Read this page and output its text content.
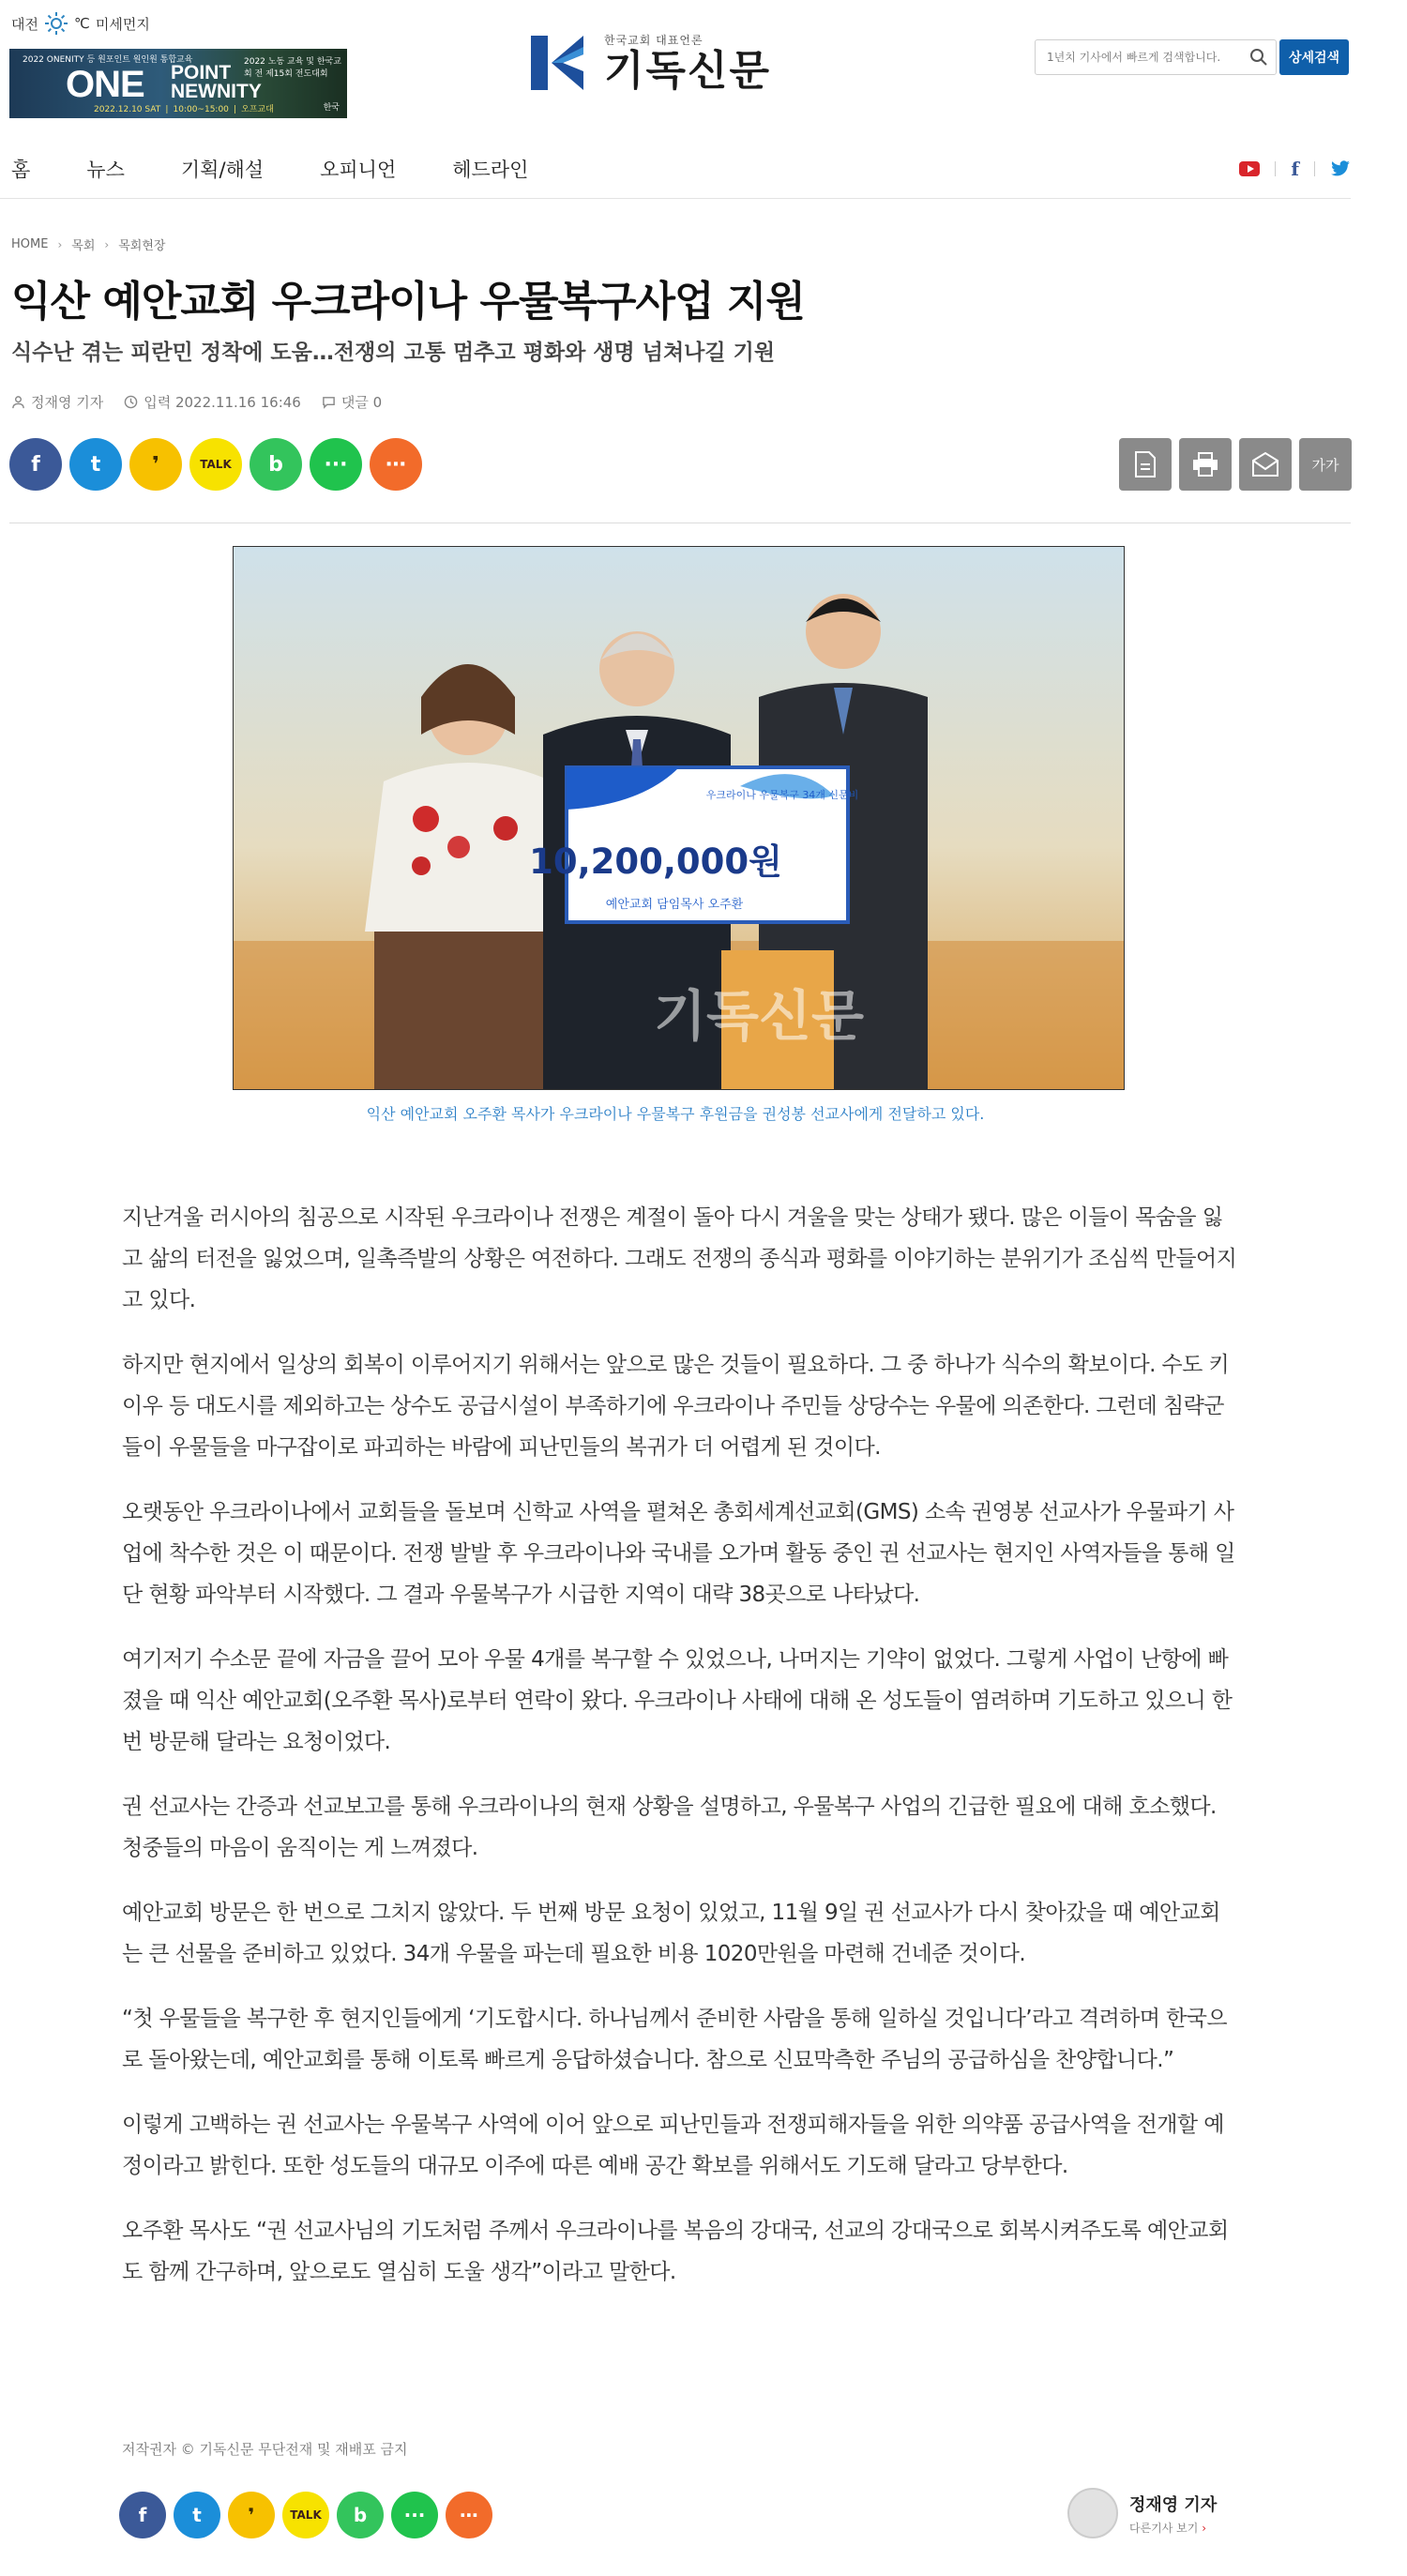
대전	℃ 미세먼지
2022 ONENITY 등 원포인트 원인원 통합교육
ONE POINT
NEWNITY
2022 노동 교육 및 한국교회 전 제15회 전도대회
2022.12.10 SAT ❘ 10:00~15:00 ❘ 오프교대	한국
한국교회 대표언론
기독신문
1년치 기사에서 빠르게 검색합니다.	상세검색
홈	뉴스	기획/해설	오피니언	헤드라인	f
HOME › 목회 › 목회현장
익산 예안교회 우크라이나 우물복구사업 지원
식수난 겪는 피란민 정착에 도움…전쟁의 고통 멈추고 평화와 생명 넘쳐나길 기원
정재영 기자	입력 2022.11.16 16:46	댓글 0
f	t	❜	TALK	b	···	⋯	가가
우크라이나 우물복구 34개 신문비
10,200,000원
예안교회 담임목사 오주환
기독신문
익산 예안교회 오주환 목사가 우크라이나 우물복구 후원금을 권성봉 선교사에게 전달하고 있다.

지난겨울 러시아의 침공으로 시작된 우크라이나 전쟁은 계절이 돌아 다시 겨울을 맞는 상태가 됐다. 많은 이들이 목숨을 잃고 삶의 터전을 잃었으며, 일촉즉발의 상황은 여전하다. 그래도 전쟁의 종식과 평화를 이야기하는 분위기가 조심씩 만들어지고 있다.

하지만 현지에서 일상의 회복이 이루어지기 위해서는 앞으로 많은 것들이 필요하다. 그 중 하나가 식수의 확보이다. 수도 키이우 등 대도시를 제외하고는 상수도 공급시설이 부족하기에 우크라이나 주민들 상당수는 우물에 의존한다. 그런데 침략군들이 우물들을 마구잡이로 파괴하는 바람에 피난민들의 복귀가 더 어렵게 된 것이다.

오랫동안 우크라이나에서 교회들을 돌보며 신학교 사역을 펼쳐온 총회세계선교회(GMS) 소속 권영봉 선교사가 우물파기 사업에 착수한 것은 이 때문이다. 전쟁 발발 후 우크라이나와 국내를 오가며 활동 중인 권 선교사는 현지인 사역자들을 통해 일단 현황 파악부터 시작했다. 그 결과 우물복구가 시급한 지역이 대략 38곳으로 나타났다.

여기저기 수소문 끝에 자금을 끌어 모아 우물 4개를 복구할 수 있었으나, 나머지는 기약이 없었다. 그렇게 사업이 난항에 빠졌을 때 익산 예안교회(오주환 목사)로부터 연락이 왔다. 우크라이나 사태에 대해 온 성도들이 염려하며 기도하고 있으니 한 번 방문해 달라는 요청이었다.

권 선교사는 간증과 선교보고를 통해 우크라이나의 현재 상황을 설명하고, 우물복구 사업의 긴급한 필요에 대해 호소했다. 청중들의 마음이 움직이는 게 느껴졌다.

예안교회 방문은 한 번으로 그치지 않았다. 두 번째 방문 요청이 있었고, 11월 9일 권 선교사가 다시 찾아갔을 때 예안교회는 큰 선물을 준비하고 있었다. 34개 우물을 파는데 필요한 비용 1020만원을 마련해 건네준 것이다.

“첫 우물들을 복구한 후 현지인들에게 ‘기도합시다. 하나님께서 준비한 사람을 통해 일하실 것입니다’라고 격려하며 한국으로 돌아왔는데, 예안교회를 통해 이토록 빠르게 응답하셨습니다. 참으로 신묘막측한 주님의 공급하심을 찬양합니다.”

이렇게 고백하는 권 선교사는 우물복구 사역에 이어 앞으로 피난민들과 전쟁피해자들을 위한 의약품 공급사역을 전개할 예정이라고 밝힌다. 또한 성도들의 대규모 이주에 따른 예배 공간 확보를 위해서도 기도해 달라고 당부한다.

오주환 목사도 “권 선교사님의 기도처럼 주께서 우크라이나를 복음의 강대국, 선교의 강대국으로 회복시켜주도록 예안교회도 함께 간구하며, 앞으로도 열심히 도울 생각”이라고 말한다.

저작권자 © 기독신문 무단전재 및 재배포 금지
f	t	❜	TALK	b	···	⋯	정재영 기자
다른기사 보기 ›
